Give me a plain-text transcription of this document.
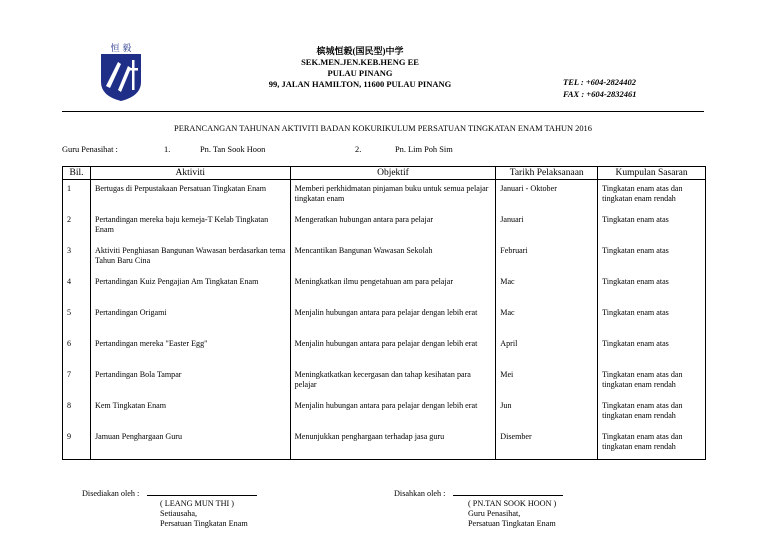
恒 毅	槟城恒毅(国民型)中学
SEK.MEN.JEN.KEB.HENG EE
PULAU PINANG
99, JALAN HAMILTON, 11600 PULAU PINANG	TEL : +604-2824402
FAX : +604-2832461
PERANCANGAN TAHUNAN AKTIVITI BADAN KOKURIKULUM PERSATUAN TINGKATAN ENAM TAHUN 2016
Guru Penasihat :	1.	Pn. Tan Sook Hoon	2.	Pn. Lim Poh Sim
Bil.	Aktiviti	Objektif	Tarikh Pelaksanaan	Kumpulan Sasaran
1	Bertugas di Perpustakaan Persatuan Tingkatan Enam	Memberi perkhidmatan pinjaman buku untuk semua pelajar tingkatan enam	Januari - Oktober	Tingkatan enam atas dan tingkatan enam rendah
2	Pertandingan mereka baju kemeja-T Kelab Tingkatan Enam	Mengeratkan hubungan antara para pelajar	Januari	Tingkatan enam atas
3	Aktiviti Penghiasan Bangunan Wawasan berdasarkan tema Tahun Baru Cina	Mencantikan Bangunan Wawasan Sekolah	Februari	Tingkatan enam atas
4	Pertandingan Kuiz Pengajian Am Tingkatan Enam	Meningkatkan ilmu pengetahuan am para pelajar	Mac	Tingkatan enam atas
5	Pertandingan Origami	Menjalin hubungan antara para pelajar dengan lebih erat	Mac	Tingkatan enam atas
6	Pertandingan mereka "Easter Egg"	Menjalin hubungan antara para pelajar dengan lebih erat	April	Tingkatan enam atas
7	Pertandingan Bola Tampar	Meningkatkatkan kecergasan dan tahap kesihatan para pelajar	Mei	Tingkatan enam atas dan tingkatan enam rendah
8	Kem Tingkatan Enam	Menjalin hubungan antara para pelajar dengan lebih erat	Jun	Tingkatan enam atas dan tingkatan enam rendah
9	Jamuan Penghargaan Guru	Menunjukkan penghargaan terhadap jasa guru	Disember	Tingkatan enam atas dan tingkatan enam rendah
Disediakan oleh :
( LEANG MUN THI )
Setiausaha,
Persatuan Tingkatan Enam
Disahkan oleh :
( PN.TAN SOOK HOON )
Guru Penasihat,
Persatuan Tingkatan Enam
